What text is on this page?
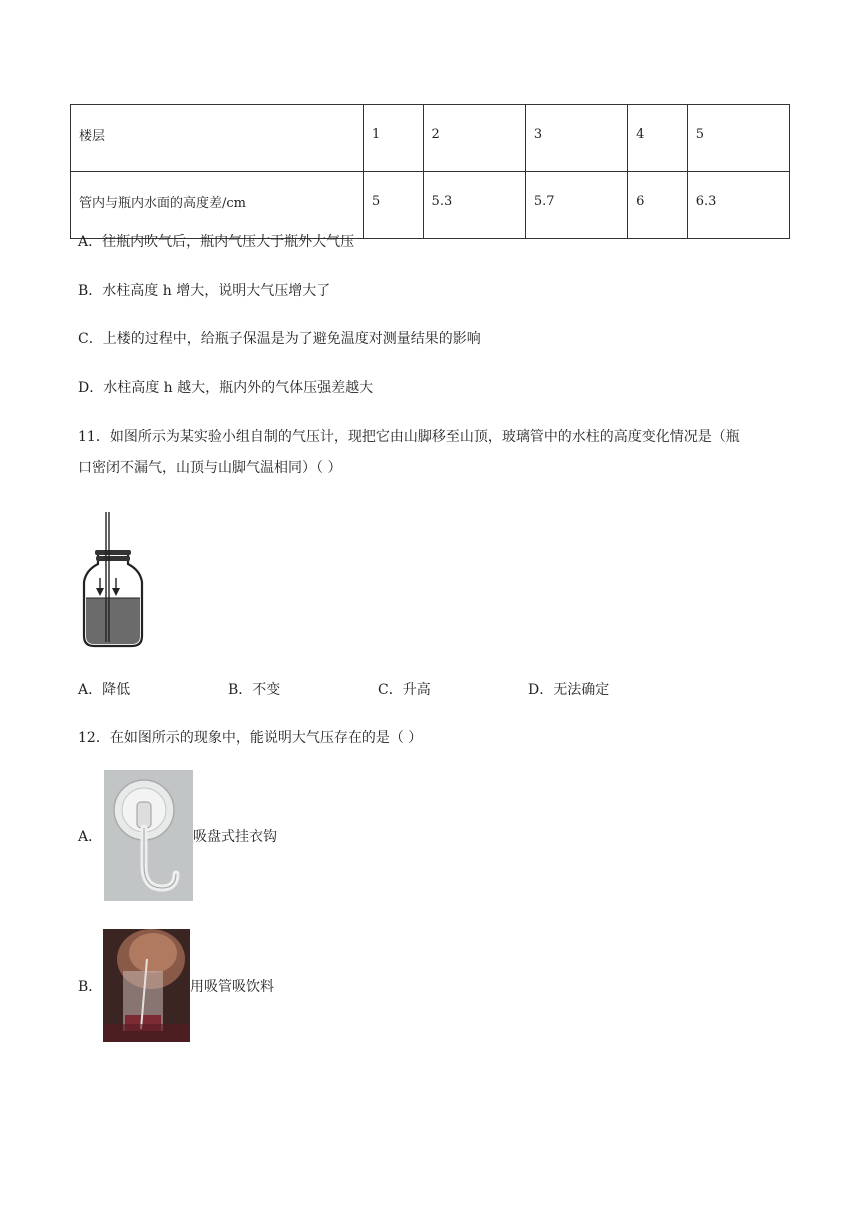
楼层	1	2	3	4	5
管内与瓶内水面的高度差/cm	5	5.3	5.7	6	6.3
A．往瓶内吹气后，瓶内气压大于瓶外大气压
B．水柱高度 h 增大，说明大气压增大了
C．上楼的过程中，给瓶子保温是为了避免温度对测量结果的影响
D．水柱高度 h 越大，瓶内外的气体压强差越大
11．如图所示为某实验小组自制的气压计，现把它由山脚移至山顶，玻璃管中的水柱的高度变化情况是（瓶
口密闭不漏气，山顶与山脚气温相同）（ ）
A．降低	B．不变	C．升高	D．无法确定
12．在如图所示的现象中，能说明大气压存在的是（ ）
A．	吸盘式挂衣钩
B．	用吸管吸饮料
